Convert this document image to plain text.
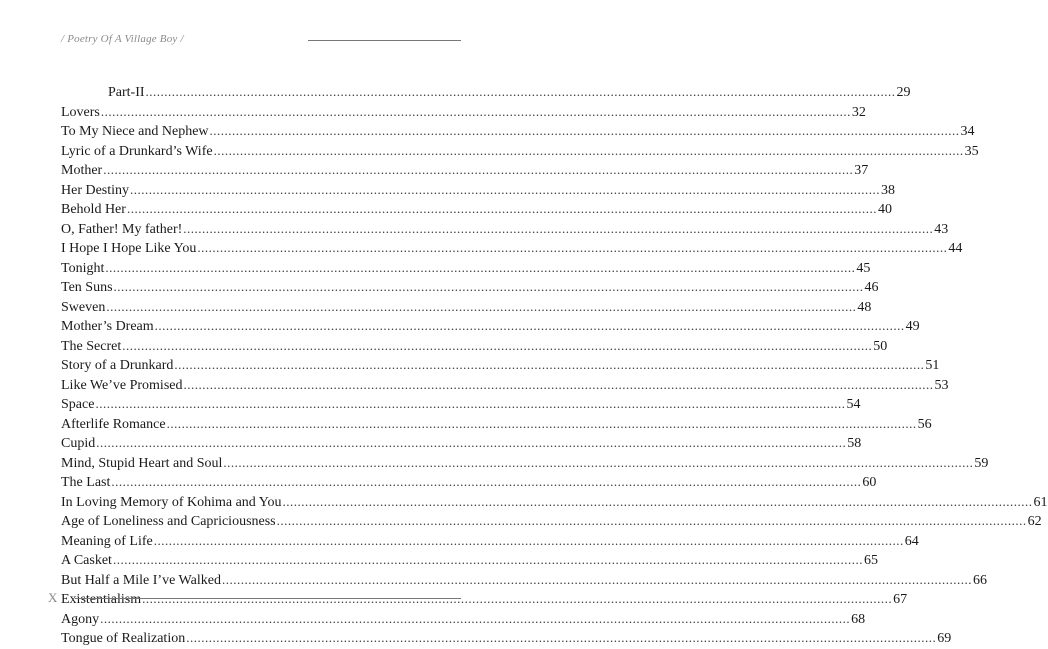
/ Poetry Of A Village Boy /
Part-II ........................................................................................................................................................................................................ 29
Lovers ........................................................................................................................................................................................................ 32
To My Niece and Nephew ........................................................................................................................................................................................................ 34
Lyric of a Drunkard’s Wife ........................................................................................................................................................................................................ 35
Mother ........................................................................................................................................................................................................ 37
Her Destiny ........................................................................................................................................................................................................ 38
Behold Her ........................................................................................................................................................................................................ 40
O, Father! My father! ........................................................................................................................................................................................................ 43
I Hope I Hope Like You ........................................................................................................................................................................................................ 44
Tonight ........................................................................................................................................................................................................ 45
Ten Suns ........................................................................................................................................................................................................ 46
Sweven ........................................................................................................................................................................................................ 48
Mother’s Dream ........................................................................................................................................................................................................ 49
The Secret ........................................................................................................................................................................................................ 50
Story of a Drunkard ........................................................................................................................................................................................................ 51
Like We’ve Promised ........................................................................................................................................................................................................ 53
Space ........................................................................................................................................................................................................ 54
Afterlife Romance ........................................................................................................................................................................................................ 56
Cupid ........................................................................................................................................................................................................ 58
Mind, Stupid Heart and Soul ........................................................................................................................................................................................................ 59
The Last ........................................................................................................................................................................................................ 60
In Loving Memory of Kohima and You ........................................................................................................................................................................................................ 61
Age of Loneliness and Capriciousness ........................................................................................................................................................................................................ 62
Meaning of Life ........................................................................................................................................................................................................ 64
A Casket ........................................................................................................................................................................................................ 65
But Half a Mile I’ve Walked ........................................................................................................................................................................................................ 66
Existentialism ........................................................................................................................................................................................................ 67
Agony ........................................................................................................................................................................................................ 68
Tongue of Realization ........................................................................................................................................................................................................ 69
X
